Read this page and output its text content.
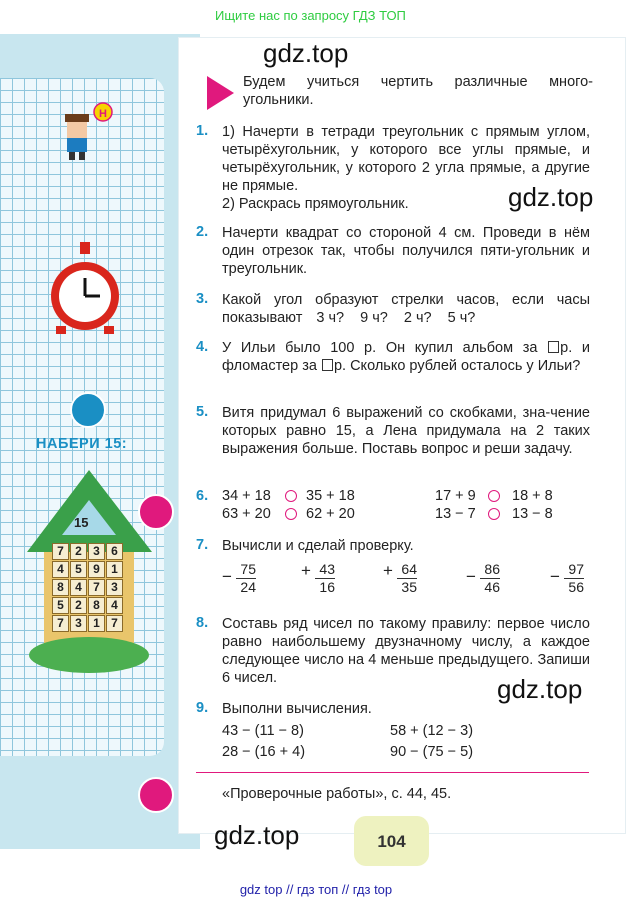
Ищите нас по запросу ГДЗ ТОП
Н
НАБЕРИ 15:
15
7 2 3 6
4 5 9 1
8 4 7 3
5 2 8 4
7 3 1 7
gdz.top
gdz.top
gdz.top
gdz.top
Будем учиться чертить различные много-угольники.
1. 1) Начерти в тетради треугольник с прямым углом, четырёхугольник, у которого все углы прямые, и четырёхугольник, у которого 2 угла прямые, а другие не прямые.

2) Раскрась прямоугольник.

2. Начерти квадрат со стороной 4 см. Проведи в нём один отрезок так, чтобы получился пяти-угольник и треугольник.
3. Какой угол образуют стрелки часов, если часы показывают 3 ч? 9 ч? 2 ч? 5 ч?
4. У Ильи было 100 р. Он купил альбом за р. и фломастер за р. Сколько рублей осталось у Ильи?
5. Витя придумал 6 выражений со скобками, зна-чение которых равно 15, а Лена придумала на 2 таких выражения больше. Поставь вопрос и реши задачу.
6. 34 + 18 35 + 18	17 + 9	18 + 8
63 + 20 62 + 20	13 − 7	13 − 8
7. Вычисли и сделай проверку.
− 75
24
+ 43
16
+ 64
35
− 86
46
− 97
56
8. Составь ряд чисел по такому правилу: первое число равно наибольшему двузначному числу, а каждое следующее число на 4 меньше предыдущего. Запиши 6 чисел.
9. Выполни вычисления.
43 − (11 − 8)	58 + (12 − 3)
28 − (16 + 4)	90 − (75 − 5)
«Проверочные работы», с. 44, 45.
104
gdz top // гдз топ // гдз top
